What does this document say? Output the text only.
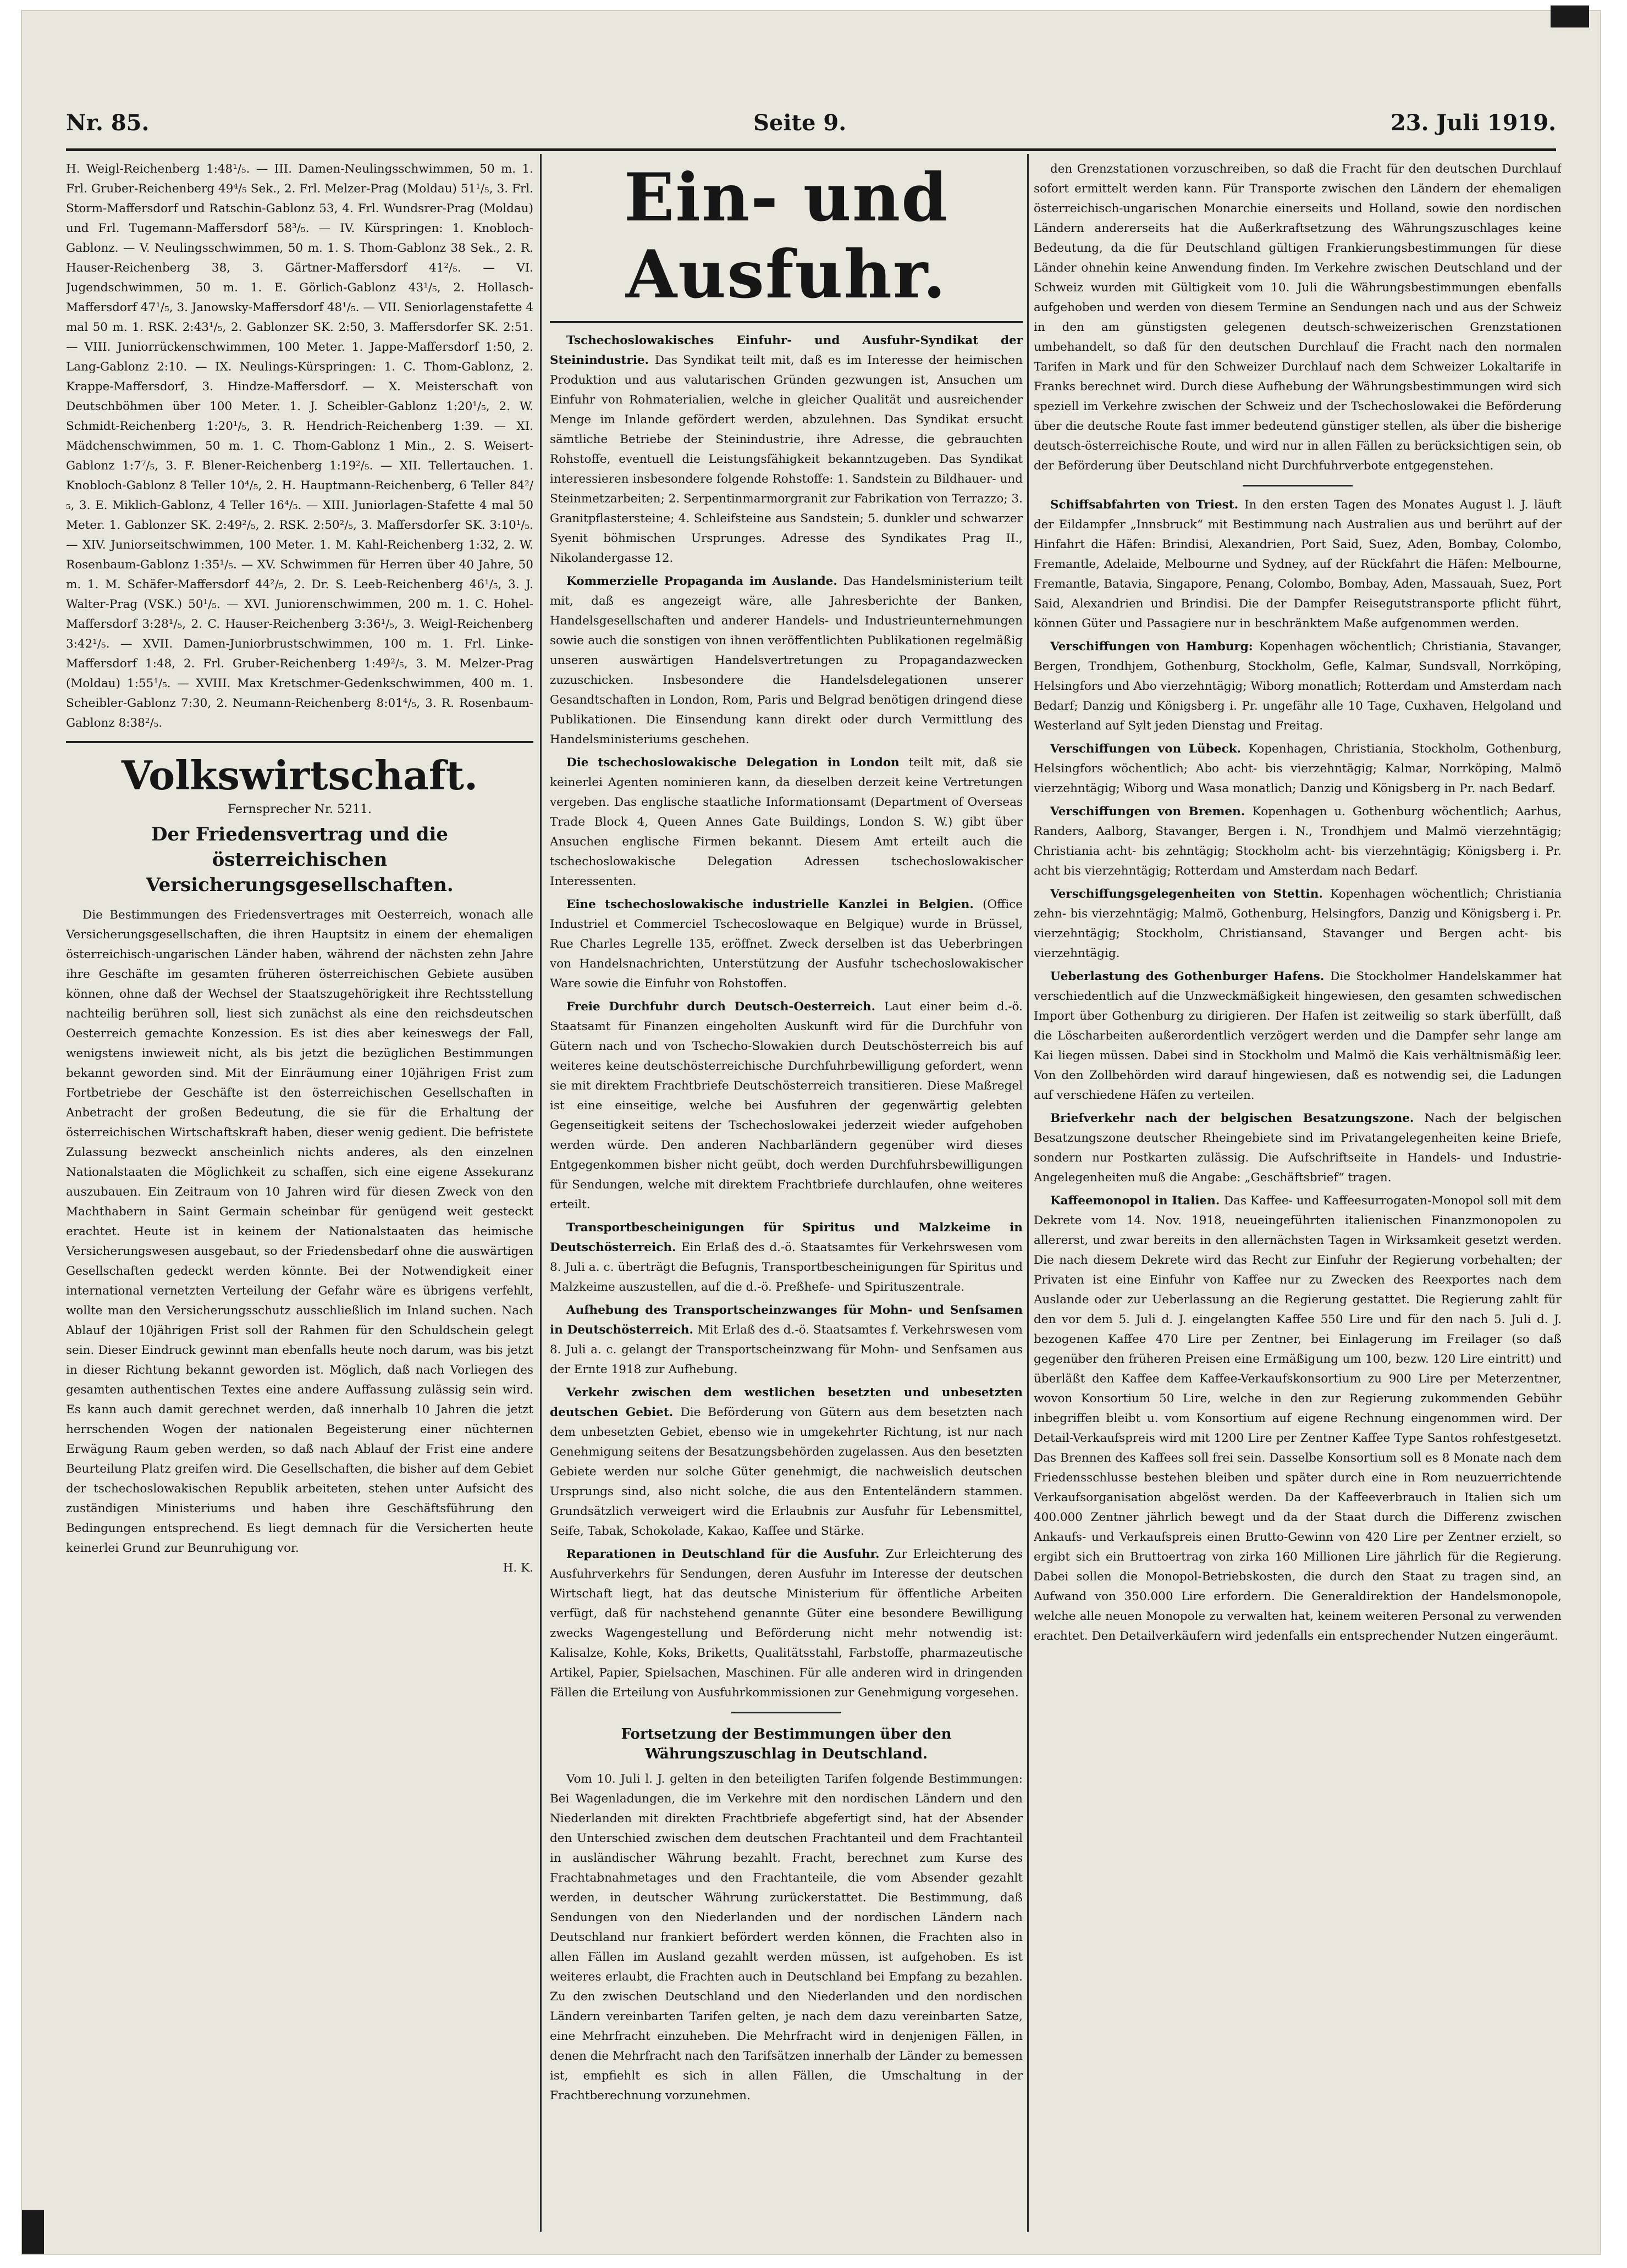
Nr. 85.	Seite 9.	23. Juli 1919.

H. Weigl-Reichenberg 1:48¹/₅. — III. Damen-Neulingsschwimmen, 50 m. 1. Frl. Gruber-Reichenberg 49⁴/₅ Sek., 2. Frl. Melzer-Prag (Moldau) 51¹/₅, 3. Frl. Storm-Maffersdorf und Ratschin-Gablonz 53, 4. Frl. Wundsrer-Prag (Moldau) und Frl. Tugemann-Maffersdorf 58³/₅. — IV. Kürspringen: 1. Knobloch-Gablonz. — V. Neulingsschwimmen, 50 m. 1. S. Thom-Gablonz 38 Sek., 2. R. Hauser-Reichenberg 38, 3. Gärtner-Maffersdorf 41²/₅. — VI. Jugendschwimmen, 50 m. 1. E. Görlich-Gablonz 43¹/₅, 2. Hollasch-Maffersdorf 47¹/₅, 3. Janowsky-Maffersdorf 48¹/₅. — VII. Seniorlagenstafette 4 mal 50 m. 1. RSK. 2:43¹/₅, 2. Gablonzer SK. 2:50, 3. Maffersdorfer SK. 2:51. — VIII. Juniorrückenschwimmen, 100 Meter. 1. Jappe-Maffersdorf 1:50, 2. Lang-Gablonz 2:10. — IX. Neulings-Kürspringen: 1. C. Thom-Gablonz, 2. Krappe-Maffersdorf, 3. Hindze-Maffersdorf. — X. Meisterschaft von Deutschböhmen über 100 Meter. 1. J. Scheibler-Gablonz 1:20¹/₅, 2. W. Schmidt-Reichenberg 1:20¹/₅, 3. R. Hendrich-Reichenberg 1:39. — XI. Mädchenschwimmen, 50 m. 1. C. Thom-Gablonz 1 Min., 2. S. Weisert-Gablonz 1:7⁷/₅, 3. F. Blener-Reichenberg 1:19²/₅. — XII. Tellertauchen. 1. Knobloch-Gablonz 8 Teller 10⁴/₅, 2. H. Hauptmann-Reichenberg, 6 Teller 84²/₅, 3. E. Miklich-Gablonz, 4 Teller 16⁴/₅. — XIII. Juniorlagen-Stafette 4 mal 50 Meter. 1. Gablonzer SK. 2:49²/₅, 2. RSK. 2:50²/₅, 3. Maffersdorfer SK. 3:10¹/₅. — XIV. Juniorseitschwimmen, 100 Meter. 1. M. Kahl-Reichenberg 1:32, 2. W. Rosenbaum-Gablonz 1:35¹/₅. — XV. Schwimmen für Herren über 40 Jahre, 50 m. 1. M. Schäfer-Maffersdorf 44²/₅, 2. Dr. S. Leeb-Reichenberg 46¹/₅, 3. J. Walter-Prag (VSK.) 50¹/₅. — XVI. Juniorenschwimmen, 200 m. 1. C. Hohel-Maffersdorf 3:28¹/₅, 2. C. Hauser-Reichenberg 3:36¹/₅, 3. Weigl-Reichenberg 3:42¹/₅. — XVII. Damen-Juniorbrustschwimmen, 100 m. 1. Frl. Linke-Maffersdorf 1:48, 2. Frl. Gruber-Reichenberg 1:49²/₅, 3. M. Melzer-Prag (Moldau) 1:55¹/₅. — XVIII. Max Kretschmer-Gedenkschwimmen, 400 m. 1. Scheibler-Gablonz 7:30, 2. Neumann-Reichenberg 8:01⁴/₅, 3. R. Rosenbaum-Gablonz 8:38²/₅.

Volkswirtschaft.
Fernsprecher Nr. 5211.
Der Friedensvertrag und die österreichischen Versicherungsgesellschaften.

Die Bestimmungen des Friedensvertrages mit Oesterreich, wonach alle Versicherungsgesellschaften, die ihren Hauptsitz in einem der ehemaligen österreichisch-ungarischen Länder haben, während der nächsten zehn Jahre ihre Geschäfte im gesamten früheren österreichischen Gebiete ausüben können, ohne daß der Wechsel der Staatszugehörigkeit ihre Rechtsstellung nachteilig berühren soll, liest sich zunächst als eine den reichsdeutschen Oesterreich gemachte Konzession. Es ist dies aber keineswegs der Fall, wenigstens inwieweit nicht, als bis jetzt die bezüglichen Bestimmungen bekannt geworden sind. Mit der Einräumung einer 10jährigen Frist zum Fortbetriebe der Geschäfte ist den österreichischen Gesellschaften in Anbetracht der großen Bedeutung, die sie für die Erhaltung der österreichischen Wirtschaftskraft haben, dieser wenig gedient. Die befristete Zulassung bezweckt anscheinlich nichts anderes, als den einzelnen Nationalstaaten die Möglichkeit zu schaffen, sich eine eigene Assekuranz auszubauen. Ein Zeitraum von 10 Jahren wird für diesen Zweck von den Machthabern in Saint Germain scheinbar für genügend weit gesteckt erachtet. Heute ist in keinem der Nationalstaaten das heimische Versicherungswesen ausgebaut, so der Friedensbedarf ohne die auswärtigen Gesellschaften gedeckt werden könnte. Bei der Notwendigkeit einer international vernetzten Verteilung der Gefahr wäre es übrigens verfehlt, wollte man den Versicherungsschutz ausschließlich im Inland suchen. Nach Ablauf der 10jährigen Frist soll der Rahmen für den Schuldschein gelegt sein. Dieser Eindruck gewinnt man ebenfalls heute noch darum, was bis jetzt in dieser Richtung bekannt geworden ist. Möglich, daß nach Vorliegen des gesamten authentischen Textes eine andere Auffassung zulässig sein wird. Es kann auch damit gerechnet werden, daß innerhalb 10 Jahren die jetzt herrschenden Wogen der nationalen Begeisterung einer nüchternen Erwägung Raum geben werden, so daß nach Ablauf der Frist eine andere Beurteilung Platz greifen wird. Die Gesellschaften, die bisher auf dem Gebiet der tschechoslowakischen Republik arbeiteten, stehen unter Aufsicht des zuständigen Ministeriums und haben ihre Geschäftsführung den Bedingungen entsprechend. Es liegt demnach für die Versicherten heute keinerlei Grund zur Beunruhigung vor.

H. K.

Ein- und Ausfuhr.

Tschechoslowakisches Einfuhr- und Ausfuhr-Syndikat der Steinindustrie. Das Syndikat teilt mit, daß es im Interesse der heimischen Produktion und aus valutarischen Gründen gezwungen ist, Ansuchen um Einfuhr von Rohmaterialien, welche in gleicher Qualität und ausreichender Menge im Inlande gefördert werden, abzulehnen. Das Syndikat ersucht sämtliche Betriebe der Steinindustrie, ihre Adresse, die gebrauchten Rohstoffe, eventuell die Leistungsfähigkeit bekanntzugeben. Das Syndikat interessieren insbesondere folgende Rohstoffe: 1. Sandstein zu Bildhauer- und Steinmetzarbeiten; 2. Serpentinmarmorgranit zur Fabrikation von Terrazzo; 3. Granitpflastersteine; 4. Schleifsteine aus Sandstein; 5. dunkler und schwarzer Syenit böhmischen Ursprunges. Adresse des Syndikates Prag II., Nikolandergasse 12.

Kommerzielle Propaganda im Auslande. Das Handelsministerium teilt mit, daß es angezeigt wäre, alle Jahresberichte der Banken, Handelsgesellschaften und anderer Handels- und Industrieunternehmungen sowie auch die sonstigen von ihnen veröffentlichten Publikationen regelmäßig unseren auswärtigen Handelsvertretungen zu Propagandazwecken zuzuschicken. Insbesondere die Handelsdelegationen unserer Gesandtschaften in London, Rom, Paris und Belgrad benötigen dringend diese Publikationen. Die Einsendung kann direkt oder durch Vermittlung des Handelsministeriums geschehen.

Die tschechoslowakische Delegation in London teilt mit, daß sie keinerlei Agenten nominieren kann, da dieselben derzeit keine Vertretungen vergeben. Das englische staatliche Informationsamt (Department of Overseas Trade Block 4, Queen Annes Gate Buildings, London S. W.) gibt über Ansuchen englische Firmen bekannt. Diesem Amt erteilt auch die tschechoslowakische Delegation Adressen tschechoslowakischer Interessenten.

Eine tschechoslowakische industrielle Kanzlei in Belgien. (Office Industriel et Commerciel Tschecoslowaque en Belgique) wurde in Brüssel, Rue Charles Legrelle 135, eröffnet. Zweck derselben ist das Ueberbringen von Handelsnachrichten, Unterstützung der Ausfuhr tschechoslowakischer Ware sowie die Einfuhr von Rohstoffen.

Freie Durchfuhr durch Deutsch-Oesterreich. Laut einer beim d.-ö. Staatsamt für Finanzen eingeholten Auskunft wird für die Durchfuhr von Gütern nach und von Tschecho-Slowakien durch Deutschösterreich bis auf weiteres keine deutschösterreichische Durchfuhrbewilligung gefordert, wenn sie mit direktem Frachtbriefe Deutschösterreich transitieren. Diese Maßregel ist eine einseitige, welche bei Ausfuhren der gegenwärtig gelebten Gegenseitigkeit seitens der Tschechoslowakei jederzeit wieder aufgehoben werden würde. Den anderen Nachbarländern gegenüber wird dieses Entgegenkommen bisher nicht geübt, doch werden Durchfuhrsbewilligungen für Sendungen, welche mit direktem Frachtbriefe durchlaufen, ohne weiteres erteilt.

Transportbescheinigungen für Spiritus und Malzkeime in Deutschösterreich. Ein Erlaß des d.-ö. Staatsamtes für Verkehrswesen vom 8. Juli a. c. überträgt die Befugnis, Transportbescheinigungen für Spiritus und Malzkeime auszustellen, auf die d.-ö. Preßhefe- und Spirituszentrale.

Aufhebung des Transportscheinzwanges für Mohn- und Senfsamen in Deutschösterreich. Mit Erlaß des d.-ö. Staatsamtes f. Verkehrswesen vom 8. Juli a. c. gelangt der Transportscheinzwang für Mohn- und Senfsamen aus der Ernte 1918 zur Aufhebung.

Verkehr zwischen dem westlichen besetzten und unbesetzten deutschen Gebiet. Die Beförderung von Gütern aus dem besetzten nach dem unbesetzten Gebiet, ebenso wie in umgekehrter Richtung, ist nur nach Genehmigung seitens der Besatzungsbehörden zugelassen. Aus den besetzten Gebiete werden nur solche Güter genehmigt, die nachweislich deutschen Ursprungs sind, also nicht solche, die aus den Ententeländern stammen. Grundsätzlich verweigert wird die Erlaubnis zur Ausfuhr für Lebensmittel, Seife, Tabak, Schokolade, Kakao, Kaffee und Stärke.

Reparationen in Deutschland für die Ausfuhr. Zur Erleichterung des Ausfuhrverkehrs für Sendungen, deren Ausfuhr im Interesse der deutschen Wirtschaft liegt, hat das deutsche Ministerium für öffentliche Arbeiten verfügt, daß für nachstehend genannte Güter eine besondere Bewilligung zwecks Wagengestellung und Beförderung nicht mehr notwendig ist: Kalisalze, Kohle, Koks, Briketts, Qualitätsstahl, Farbstoffe, pharmazeutische Artikel, Papier, Spielsachen, Maschinen. Für alle anderen wird in dringenden Fällen die Erteilung von Ausfuhrkommissionen zur Genehmigung vorgesehen.

Fortsetzung der Bestimmungen über den Währungszuschlag in Deutschland.

Vom 10. Juli l. J. gelten in den beteiligten Tarifen folgende Bestimmungen: Bei Wagenladungen, die im Verkehre mit den nordischen Ländern und den Niederlanden mit direkten Frachtbriefe abgefertigt sind, hat der Absender den Unterschied zwischen dem deutschen Frachtanteil und dem Frachtanteil in ausländischer Währung bezahlt. Fracht, berechnet zum Kurse des Frachtabnahmetages und den Frachtanteile, die vom Absender gezahlt werden, in deutscher Währung zurückerstattet. Die Bestimmung, daß Sendungen von den Niederlanden und der nordischen Ländern nach Deutschland nur frankiert befördert werden können, die Frachten also in allen Fällen im Ausland gezahlt werden müssen, ist aufgehoben. Es ist weiteres erlaubt, die Frachten auch in Deutschland bei Empfang zu bezahlen. Zu den zwischen Deutschland und den Niederlanden und den nordischen Ländern vereinbarten Tarifen gelten, je nach dem dazu vereinbarten Satze, eine Mehrfracht einzuheben. Die Mehrfracht wird in denjenigen Fällen, in denen die Mehrfracht nach den Tarifsätzen innerhalb der Länder zu bemessen ist, empfiehlt es sich in allen Fällen, die Umschaltung in der Frachtberechnung vorzunehmen.

den Grenzstationen vorzuschreiben, so daß die Fracht für den deutschen Durchlauf sofort ermittelt werden kann. Für Transporte zwischen den Ländern der ehemaligen österreichisch-ungarischen Monarchie einerseits und Holland, sowie den nordischen Ländern andererseits hat die Außerkraftsetzung des Währungszuschlages keine Bedeutung, da die für Deutschland gültigen Frankierungsbestimmungen für diese Länder ohnehin keine Anwendung finden. Im Verkehre zwischen Deutschland und der Schweiz wurden mit Gültigkeit vom 10. Juli die Währungsbestimmungen ebenfalls aufgehoben und werden von diesem Termine an Sendungen nach und aus der Schweiz in den am günstigsten gelegenen deutsch-schweizerischen Grenzstationen umbehandelt, so daß für den deutschen Durchlauf die Fracht nach den normalen Tarifen in Mark und für den Schweizer Durchlauf nach dem Schweizer Lokaltarife in Franks berechnet wird. Durch diese Aufhebung der Währungsbestimmungen wird sich speziell im Verkehre zwischen der Schweiz und der Tschechoslowakei die Beförderung über die deutsche Route fast immer bedeutend günstiger stellen, als über die bisherige deutsch-österreichische Route, und wird nur in allen Fällen zu berücksichtigen sein, ob der Beförderung über Deutschland nicht Durchfuhrverbote entgegenstehen.

Schiffsabfahrten von Triest. In den ersten Tagen des Monates August l. J. läuft der Eildampfer „Innsbruck“ mit Bestimmung nach Australien aus und berührt auf der Hinfahrt die Häfen: Brindisi, Alexandrien, Port Said, Suez, Aden, Bombay, Colombo, Fremantle, Adelaide, Melbourne und Sydney, auf der Rückfahrt die Häfen: Melbourne, Fremantle, Batavia, Singapore, Penang, Colombo, Bombay, Aden, Massauah, Suez, Port Said, Alexandrien und Brindisi. Die der Dampfer Reisegutstransporte pflicht führt, können Güter und Passagiere nur in beschränktem Maße aufgenommen werden.

Verschiffungen von Hamburg: Kopenhagen wöchentlich; Christiania, Stavanger, Bergen, Trondhjem, Gothenburg, Stockholm, Gefle, Kalmar, Sundsvall, Norrköping, Helsingfors und Abo vierzehntägig; Wiborg monatlich; Rotterdam und Amsterdam nach Bedarf; Danzig und Königsberg i. Pr. ungefähr alle 10 Tage, Cuxhaven, Helgoland und Westerland auf Sylt jeden Dienstag und Freitag.

Verschiffungen von Lübeck. Kopenhagen, Christiania, Stockholm, Gothenburg, Helsingfors wöchentlich; Abo acht- bis vierzehntägig; Kalmar, Norrköping, Malmö vierzehntägig; Wiborg und Wasa monatlich; Danzig und Königsberg in Pr. nach Bedarf.

Verschiffungen von Bremen. Kopenhagen u. Gothenburg wöchentlich; Aarhus, Randers, Aalborg, Stavanger, Bergen i. N., Trondhjem und Malmö vierzehntägig; Christiania acht- bis zehntägig; Stockholm acht- bis vierzehntägig; Königsberg i. Pr. acht bis vierzehntägig; Rotterdam und Amsterdam nach Bedarf.

Verschiffungsgelegenheiten von Stettin. Kopenhagen wöchentlich; Christiania zehn- bis vierzehntägig; Malmö, Gothenburg, Helsingfors, Danzig und Königsberg i. Pr. vierzehntägig; Stockholm, Christiansand, Stavanger und Bergen acht- bis vierzehntägig.

Ueberlastung des Gothenburger Hafens. Die Stockholmer Handelskammer hat verschiedentlich auf die Unzweckmäßigkeit hingewiesen, den gesamten schwedischen Import über Gothenburg zu dirigieren. Der Hafen ist zeitweilig so stark überfüllt, daß die Löscharbeiten außerordentlich verzögert werden und die Dampfer sehr lange am Kai liegen müssen. Dabei sind in Stockholm und Malmö die Kais verhältnismäßig leer. Von den Zollbehörden wird darauf hingewiesen, daß es notwendig sei, die Ladungen auf verschiedene Häfen zu verteilen.

Briefverkehr nach der belgischen Besatzungszone. Nach der belgischen Besatzungszone deutscher Rheingebiete sind im Privatangelegenheiten keine Briefe, sondern nur Postkarten zulässig. Die Aufschriftseite in Handels- und Industrie-Angelegenheiten muß die Angabe: „Geschäftsbrief“ tragen.

Kaffeemonopol in Italien. Das Kaffee- und Kaffeesurrogaten-Monopol soll mit dem Dekrete vom 14. Nov. 1918, neueingeführten italienischen Finanzmonopolen zu allererst, und zwar bereits in den allernächsten Tagen in Wirksamkeit gesetzt werden. Die nach diesem Dekrete wird das Recht zur Einfuhr der Regierung vorbehalten; der Privaten ist eine Einfuhr von Kaffee nur zu Zwecken des Reexportes nach dem Auslande oder zur Ueberlassung an die Regierung gestattet. Die Regierung zahlt für den vor dem 5. Juli d. J. eingelangten Kaffee 550 Lire und für den nach 5. Juli d. J. bezogenen Kaffee 470 Lire per Zentner, bei Einlagerung im Freilager (so daß gegenüber den früheren Preisen eine Ermäßigung um 100, bezw. 120 Lire eintritt) und überläßt den Kaffee dem Kaffee-Verkaufskonsortium zu 900 Lire per Meterzentner, wovon Konsortium 50 Lire, welche in den zur Regierung zukommenden Gebühr inbegriffen bleibt u. vom Konsortium auf eigene Rechnung eingenommen wird. Der Detail-Verkaufspreis wird mit 1200 Lire per Zentner Kaffee Type Santos rohfestgesetzt. Das Brennen des Kaffees soll frei sein. Dasselbe Konsortium soll es 8 Monate nach dem Friedensschlusse bestehen bleiben und später durch eine in Rom neuzuerrichtende Verkaufsorganisation abgelöst werden. Da der Kaffeeverbrauch in Italien sich um 400.000 Zentner jährlich bewegt und da der Staat durch die Differenz zwischen Ankaufs- und Verkaufspreis einen Brutto-Gewinn von 420 Lire per Zentner erzielt, so ergibt sich ein Bruttoertrag von zirka 160 Millionen Lire jährlich für die Regierung. Dabei sollen die Monopol-Betriebskosten, die durch den Staat zu tragen sind, an Aufwand von 350.000 Lire erfordern. Die Generaldirektion der Handelsmonopole, welche alle neuen Monopole zu verwalten hat, keinem weiteren Personal zu verwenden erachtet. Den Detailverkäufern wird jedenfalls ein entsprechender Nutzen eingeräumt.
